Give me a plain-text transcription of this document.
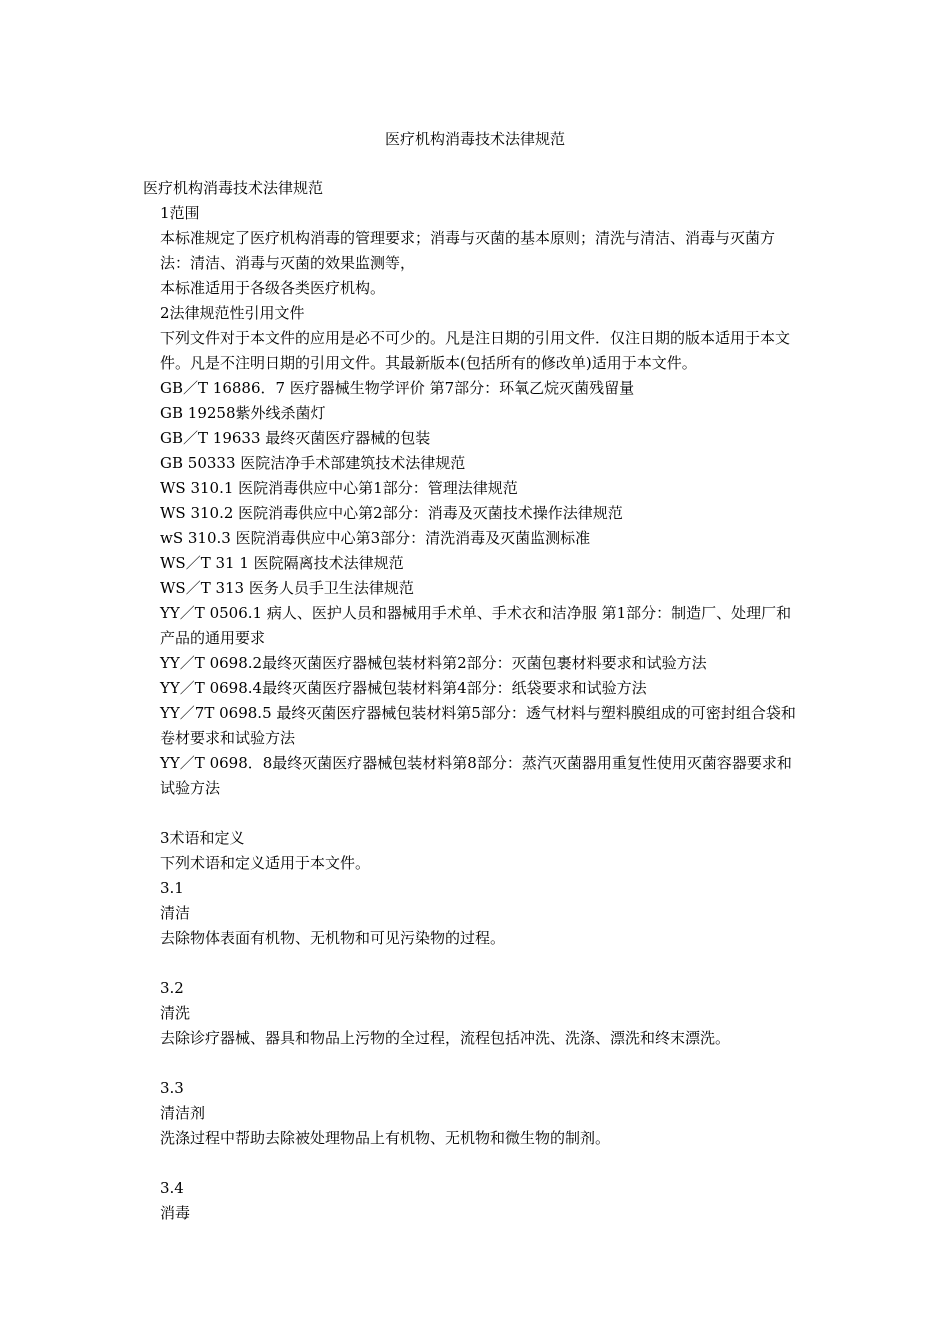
医疗机构消毒技术法律规范

医疗机构消毒技术法律规范

1范围

本标准规定了医疗机构消毒的管理要求；消毒与灭菌的基本原则；清洗与清洁、消毒与灭菌方法：清洁、消毒与灭菌的效果监测等，

本标准适用于各级各类医疗机构。

2法律规范性引用文件

下列文件对于本文件的应用是必不可少的。凡是注日期的引用文件．仅注日期的版本适用于本文件。凡是不注明日期的引用文件。其最新版本(包括所有的修改单)适用于本文件。

GB／T 16886．7 医疗器械生物学评价 第7部分：环氧乙烷灭菌残留量

GB 19258紫外线杀菌灯

GB／T 19633 最终灭菌医疗器械的包装

GB 50333 医院洁净手术部建筑技术法律规范

WS 310.1 医院消毒供应中心第1部分：管理法律规范

WS 310.2 医院消毒供应中心第2部分：消毒及灭菌技术操作法律规范

wS 310.3 医院消毒供应中心第3部分：清洗消毒及灭菌监测标准

WS／T 31 1 医院隔离技术法律规范

WS／T 313 医务人员手卫生法律规范

YY／T 0506.1 病人、医护人员和器械用手术单、手术衣和洁净服 第1部分：制造厂、处理厂和产品的通用要求

YY／T 0698.2最终灭菌医疗器械包装材料第2部分：灭菌包裹材料要求和试验方法

YY／T 0698.4最终灭菌医疗器械包装材料第4部分：纸袋要求和试验方法

YY／7T 0698.5 最终灭菌医疗器械包装材料第5部分：透气材料与塑料膜组成的可密封组合袋和卷材要求和试验方法

YY／T 0698．8最终灭菌医疗器械包装材料第8部分：蒸汽灭菌器用重复性使用灭菌容器要求和试验方法

3术语和定义

下列术语和定义适用于本文件。

3.1

清洁

去除物体表面有机物、无机物和可见污染物的过程。

3.2

清洗

去除诊疗器械、器具和物品上污物的全过程，流程包括冲洗、洗涤、漂洗和终末漂洗。

3.3

清洁剂

洗涤过程中帮助去除被处理物品上有机物、无机物和微生物的制剂。

3.4

消毒
